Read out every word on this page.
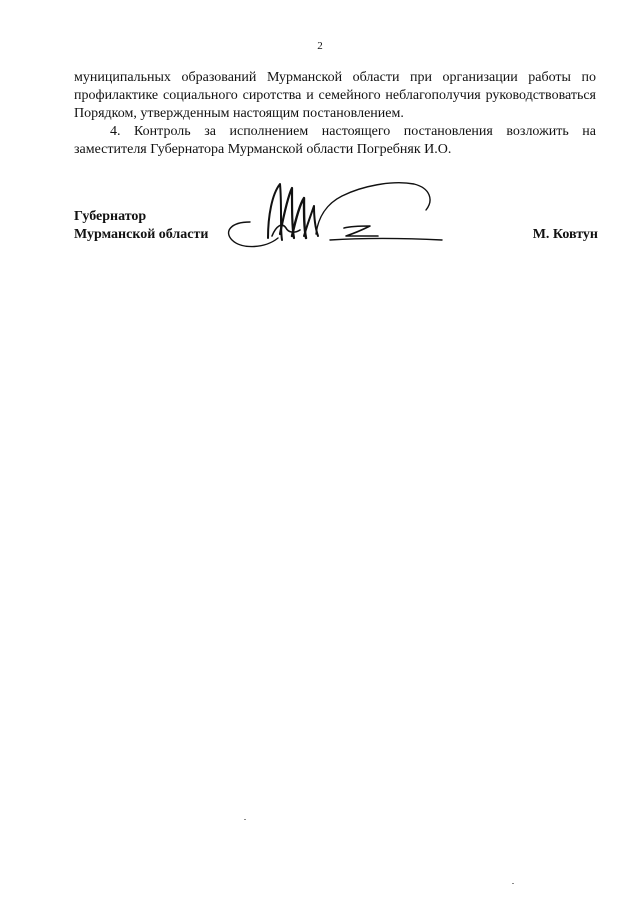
2

муниципальных образований Мурманской области при организации работы по профилактике социального сиротства и семейного неблагополучия руководствоваться Порядком, утвержденным настоящим постановлением.

4. Контроль за исполнением настоящего постановления возложить на заместителя Губернатора Мурманской области Погребняк И.О.

Губернатор
Мурманской области	М. Ковтун
